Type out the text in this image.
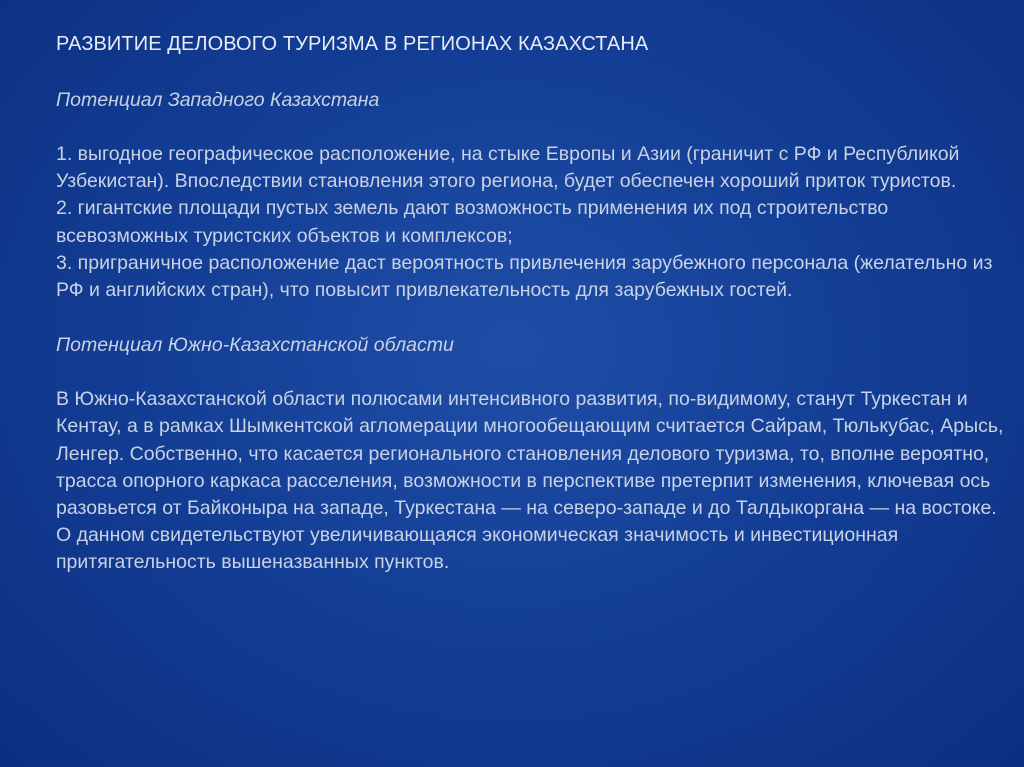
РАЗВИТИЕ ДЕЛОВОГО ТУРИЗМА В РЕГИОНАХ КАЗАХСТАНА

Потенциал Западного Казахстана

1. выгодное географическое расположение, на стыке Европы и Азии (граничит с РФ и Республикой Узбекистан). Впоследствии становления этого региона, будет обеспечен хороший приток туристов.

2. гигантские площади пустых земель дают возможность применения их под строительство всевозможных туристских объектов и комплексов;

3. приграничное расположение даст вероятность привлечения зарубежного персонала (желательно из РФ и английских стран), что повысит привлекательность для зарубежных гостей.

Потенциал Южно-Казахстанской области

В Южно-Казахстанской области полюсами интенсивного развития, по-видимому, станут Туркестан и Кентау, а в рамках Шымкентской агломерации многообещающим считается Сайрам, Тюлькубас, Арысь, Ленгер. Собственно, что касается регионального становления делового туризма, то, вполне вероятно, трасса опорного каркаса расселения, возможности в перспективе претерпит изменения, ключевая ось разовьется от Байконыра на западе, Туркестана — на северо-западе и до Талдыкоргана — на востоке. О данном свидетельствуют увеличивающаяся экономическая значимость и инвестиционная притягательность вышеназванных пунктов.
